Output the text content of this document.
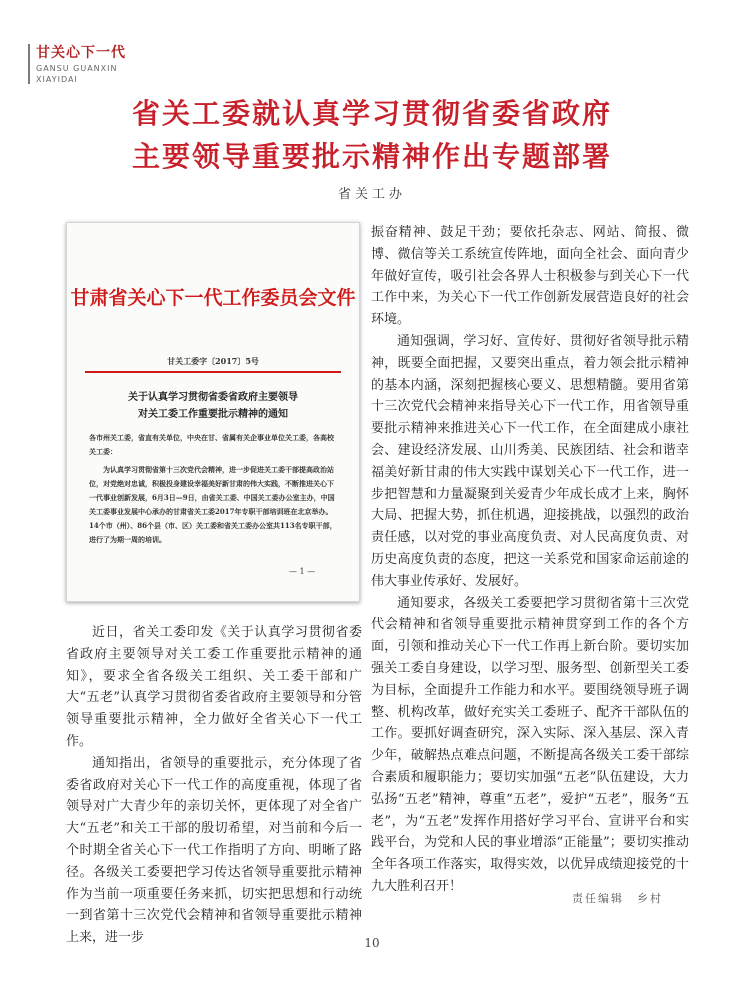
甘关心下一代
GANSU GUANXIN
XIAYIDAI
省关工委就认真学习贯彻省委省政府
主要领导重要批示精神作出专题部署
省关工办
甘肃省关心下一代工作委员会文件
甘关工委字〔2017〕5号
关于认真学习贯彻省委省政府主要领导
对关工委工作重要批示精神的通知
各市州关工委，省直有关单位，中央在甘、省属有关企事业单位关工委，各高校关工委：
为认真学习贯彻省第十三次党代会精神，进一步促进关工委干部提高政治站位，对党绝对忠诚，积极投身建设幸福美好新甘肃的伟大实践，不断推进关心下一代事业创新发展，6月3日—9日，由省关工委、中国关工委办公室主办，中国关工委事业发展中心承办的甘肃省关工委2017年专职干部培训班在北京举办。14个市（州）、86个县（市、区）关工委和省关工委办公室共113名专职干部，进行了为期一周的培训。
— 1 —

振奋精神、鼓足干劲；要依托杂志、网站、简报、微博、微信等关工系统宣传阵地，面向全社会、面向青少年做好宣传，吸引社会各界人士积极参与到关心下一代工作中来，为关心下一代工作创新发展营造良好的社会环境。

通知强调，学习好、宣传好、贯彻好省领导批示精神，既要全面把握，又要突出重点，着力领会批示精神的基本内涵，深刻把握核心要义、思想精髓。要用省第十三次党代会精神来指导关心下一代工作，用省领导重要批示精神来推进关心下一代工作，在全面建成小康社会、建设经济发展、山川秀美、民族团结、社会和谐幸福美好新甘肃的伟大实践中谋划关心下一代工作，进一步把智慧和力量凝聚到关爱青少年成长成才上来，胸怀大局、把握大势，抓住机遇，迎接挑战，以强烈的政治责任感，以对党的事业高度负责、对人民高度负责、对历史高度负责的态度，把这一关系党和国家命运前途的伟大事业传承好、发展好。

通知要求，各级关工委要把学习贯彻省第十三次党代会精神和省领导重要批示精神贯穿到工作的各个方面，引领和推动关心下一代工作再上新台阶。要切实加强关工委自身建设，以学习型、服务型、创新型关工委为目标，全面提升工作能力和水平。要围绕领导班子调整、机构改革，做好充实关工委班子、配齐干部队伍的工作。要抓好调查研究，深入实际、深入基层、深入青少年，破解热点难点问题，不断提高各级关工委干部综合素质和履职能力；要切实加强“五老”队伍建设，大力弘扬“五老”精神，尊重“五老”，爱护“五老”，服务“五老”，为“五老”发挥作用搭好学习平台、宣讲平台和实践平台，为党和人民的事业增添“正能量”；要切实推动全年各项工作落实，取得实效，以优异成绩迎接党的十九大胜利召开！

近日，省关工委印发《关于认真学习贯彻省委省政府主要领导对关工委工作重要批示精神的通知》，要求全省各级关工组织、关工委干部和广大“五老”认真学习贯彻省委省政府主要领导和分管领导重要批示精神，全力做好全省关心下一代工作。

通知指出，省领导的重要批示，充分体现了省委省政府对关心下一代工作的高度重视，体现了省领导对广大青少年的亲切关怀，更体现了对全省广大“五老”和关工干部的殷切希望，对当前和今后一个时期全省关心下一代工作指明了方向、明晰了路径。各级关工委要把学习传达省领导重要批示精神作为当前一项重要任务来抓，切实把思想和行动统一到省第十三次党代会精神和省领导重要批示精神上来，进一步

责任编辑　乡村
10
